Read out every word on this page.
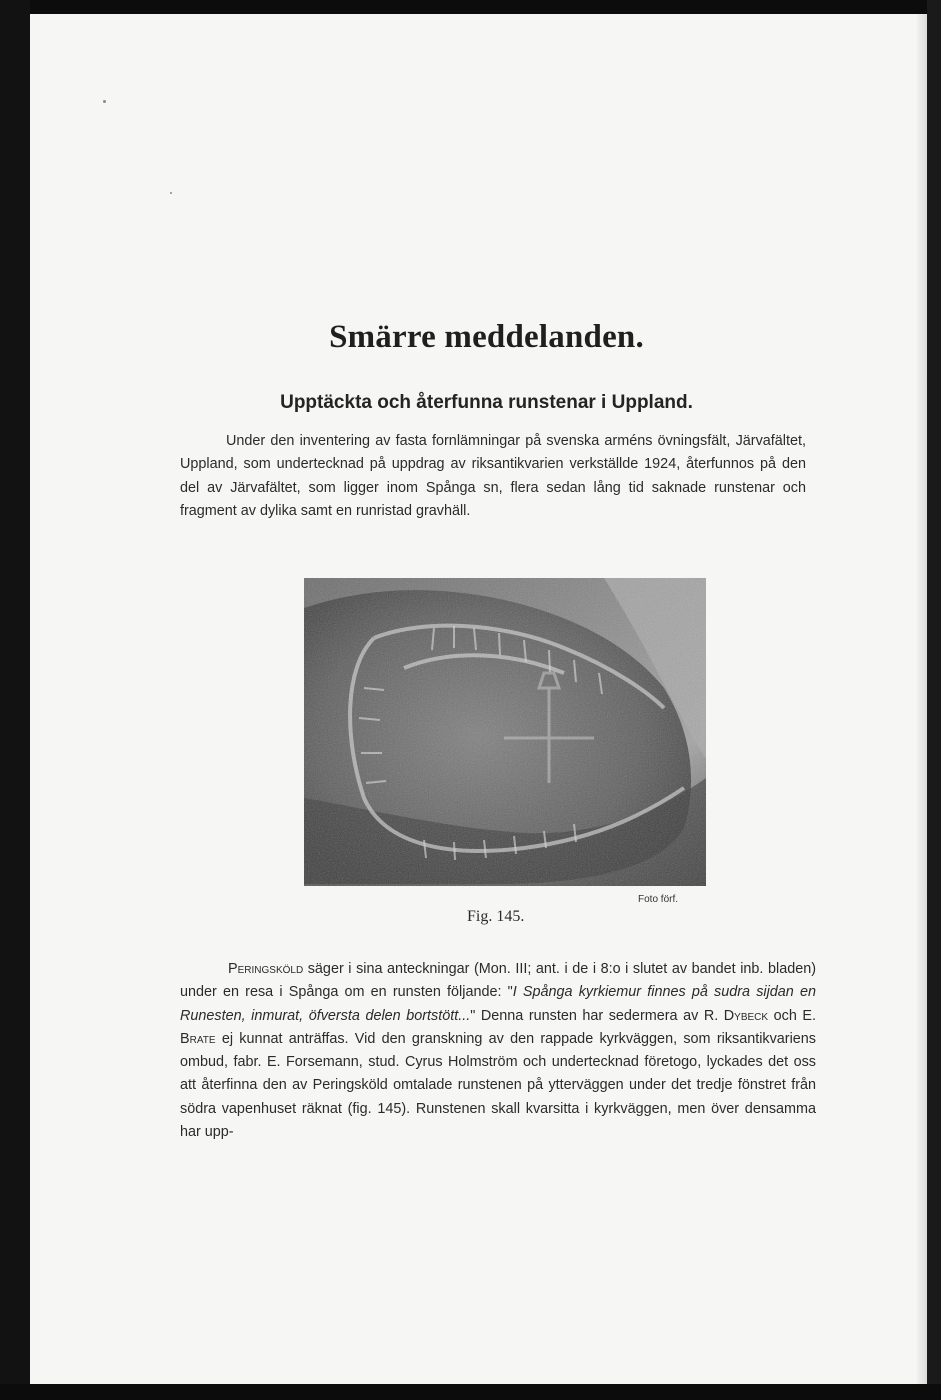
Smärre meddelanden.
Upptäckta och återfunna runstenar i Uppland.

Under den inventering av fasta fornlämningar på svenska arméns övningsfält, Järvafältet, Uppland, som undertecknad på uppdrag av riksantikvarien verkställde 1924, återfunnos på den del av Järvafältet, som ligger inom Spånga sn, flera sedan lång tid saknade runstenar och fragment av dylika samt en runristad gravhäll.

Foto förf.
Fig. 145.

Peringsköld säger i sina anteckningar (Mon. III; ant. i de i 8:o i slutet av bandet inb. bladen) under en resa i Spånga om en runsten följande: "I Spånga kyrkiemur finnes på sudra sijdan en Runesten, inmurat, öfversta delen bortstött..." Denna runsten har sedermera av R. Dybeck och E. Brate ej kunnat anträffas. Vid den granskning av den rappade kyrkväggen, som riksantikvariens ombud, fabr. E. Forsemann, stud. Cyrus Holmström och undertecknad företogo, lyckades det oss att återfinna den av Peringsköld omtalade runstenen på ytterväggen under det tredje fönstret från södra vapenhuset räknat (fig. 145). Runstenen skall kvarsitta i kyrkväggen, men över densamma har upp-
